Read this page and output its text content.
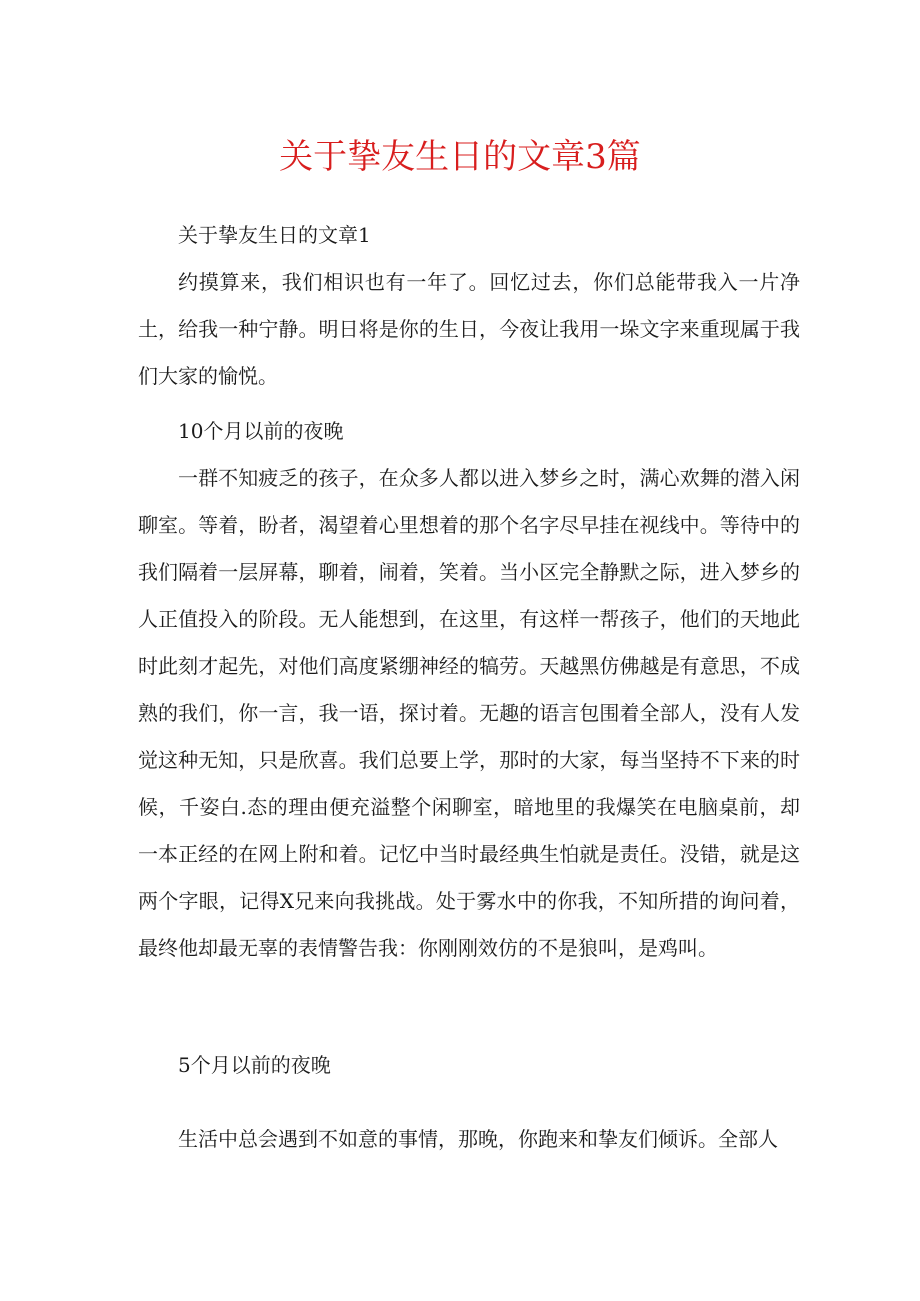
关于挚友生日的文章3篇

关于挚友生日的文章1

约摸算来，我们相识也有一年了。回忆过去，你们总能带我入一片净土，给我一种宁静。明日将是你的生日，今夜让我用一垛文字来重现属于我们大家的愉悦。

10个月以前的夜晚

一群不知疲乏的孩子，在众多人都以进入梦乡之时，满心欢舞的潜入闲聊室。等着，盼者，渴望着心里想着的那个名字尽早挂在视线中。等待中的我们隔着一层屏幕，聊着，闹着，笑着。当小区完全静默之际，进入梦乡的人正值投入的阶段。无人能想到，在这里，有这样一帮孩子，他们的天地此时此刻才起先，对他们高度紧绷神经的犒劳。天越黑仿佛越是有意思，不成熟的我们，你一言，我一语，探讨着。无趣的语言包围着全部人，没有人发觉这种无知，只是欣喜。我们总要上学，那时的大家，每当坚持不下来的时候，千姿白.态的理由便充溢整个闲聊室，暗地里的我爆笑在电脑桌前，却一本正经的在网上附和着。记忆中当时最经典生怕就是责任。没错，就是这两个字眼，记得X兄来向我挑战。处于雾水中的你我，不知所措的询问着，最终他却最无辜的表情警告我：你刚刚效仿的不是狼叫，是鸡叫。

5个月以前的夜晚

生活中总会遇到不如意的事情，那晚，你跑来和挚友们倾诉。全部人
